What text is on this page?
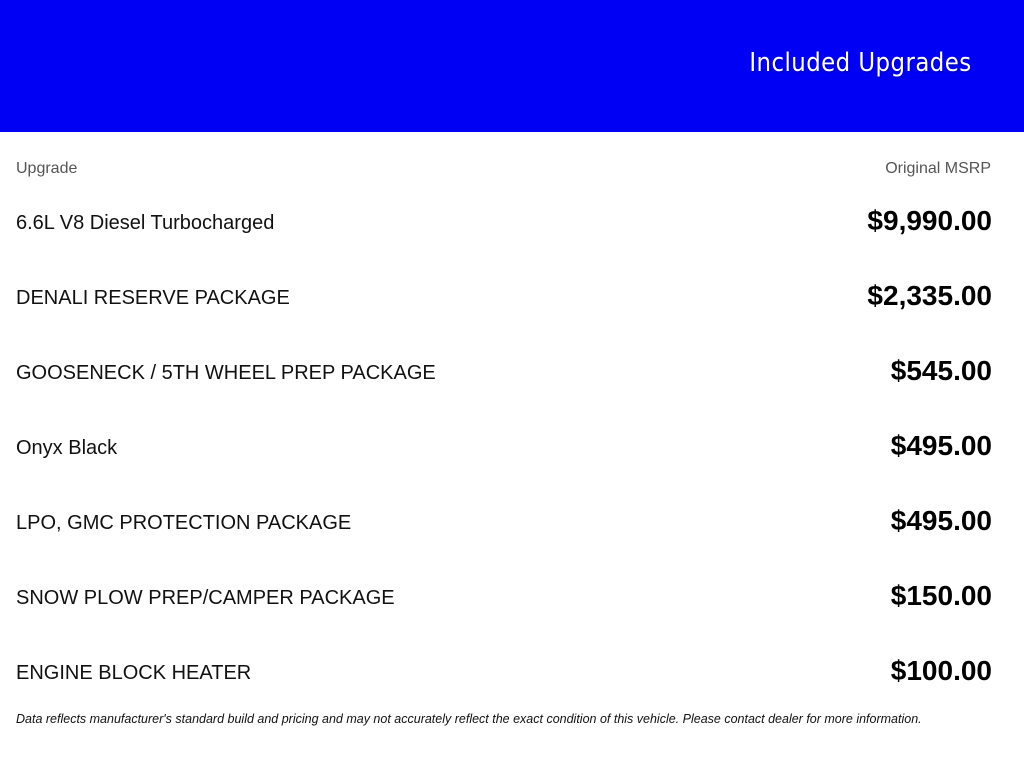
Included Upgrades
Upgrade	Original MSRP
6.6L V8 Diesel Turbocharged	$9,990.00
DENALI RESERVE PACKAGE	$2,335.00
GOOSENECK / 5TH WHEEL PREP PACKAGE	$545.00
Onyx Black	$495.00
LPO, GMC PROTECTION PACKAGE	$495.00
SNOW PLOW PREP/CAMPER PACKAGE	$150.00
ENGINE BLOCK HEATER	$100.00
Data reflects manufacturer's standard build and pricing and may not accurately reflect the exact condition of this vehicle. Please contact dealer for more information.
